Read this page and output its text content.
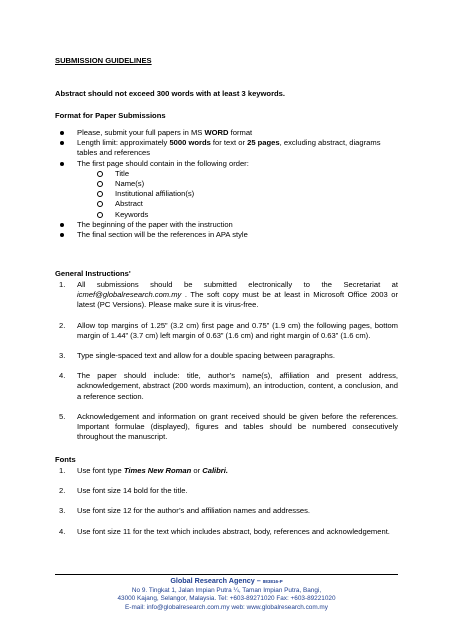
SUBMISSION GUIDELINES
Abstract should not exceed 300 words with at least 3 keywords.
Format for Paper Submissions
Please, submit your full papers in MS WORD format
Length limit: approximately 5000 words for text or 25 pages, excluding abstract, diagrams tables and references
The first page should contain in the following order:
Title
Name(s)
Institutional affiliation(s)
Abstract
Keywords
The beginning of the paper with the instruction
The final section will be the references in APA style
General Instructions'
1. All submissions should be submitted electronically to the Secretariat at icmef@globalresearch.com.my . The soft copy must be at least in Microsoft Office 2003 or latest (PC Versions). Please make sure it is virus-free.
2. Allow top margins of 1.25” (3.2 cm) first page and 0.75” (1.9 cm) the following pages, bottom margin of 1.44” (3.7 cm) left margin of 0.63” (1.6 cm) and right margin of 0.63” (1.6 cm).
3. Type single-spaced text and allow for a double spacing between paragraphs.
4. The paper should include: title, author’s name(s), affiliation and present address, acknowledgement, abstract (200 words maximum), an introduction, content, a conclusion, and a reference section.
5. Acknowledgement and information on grant received should be given before the references. Important formulae (displayed), figures and tables should be numbered consecutively throughout the manuscript.
Fonts
1. Use font type Times New Roman or Calibri.
2. Use font size 14 bold for the title.
3. Use font size 12 for the author’s and affiliation names and addresses.
4. Use font size 11 for the text which includes abstract, body, references and acknowledgement.
Global Research Agency – 883816-P
No 9. Tingkat 1, Jalan Impian Putra ¼, Taman Impian Putra, Bangi,
43000 Kajang, Selangor, Malaysia. Tel: +603-89271020 Fax: +603-89221020
E-mail: info@globalresearch.com.my web: www.globalresearch.com.my
